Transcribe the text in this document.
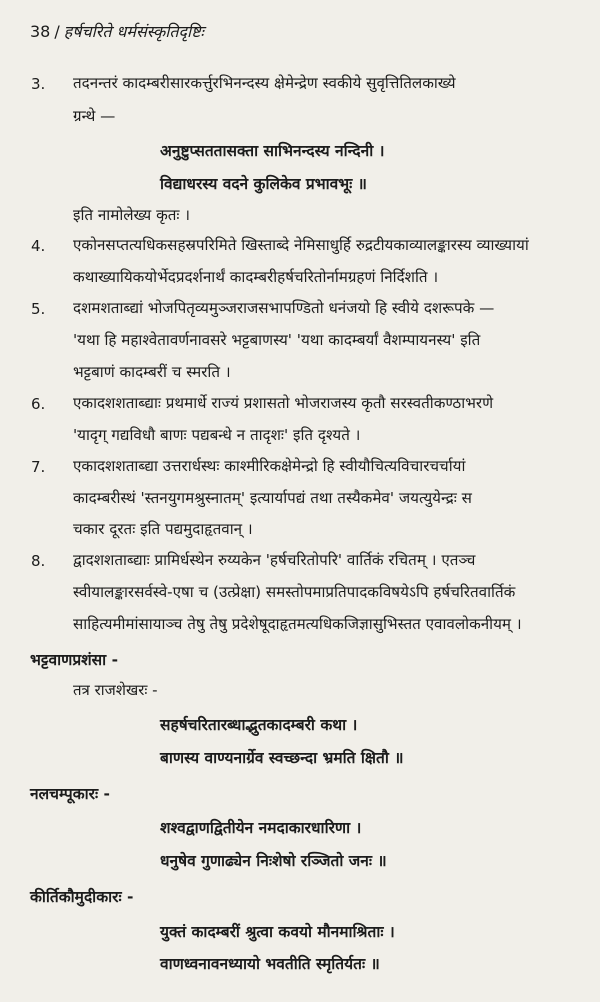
38 / हर्षचरिते धर्मसंस्कृतिदृष्टिः
3. तदनन्तरं कादम्बरीसारकर्त्तुरभिनन्दस्य क्षेमेन्द्रेण स्वकीये सुवृत्तितिलकाख्ये
ग्रन्थे —
अनुष्टुप्सततासक्ता साभिनन्दस्य नन्दिनी ।
विद्याधरस्य वदने कुलिकेव प्रभावभूः ॥
इति नामोलेख्य कृतः ।
4. एकोनसप्तत्यधिकसहस्रपरिमिते खिस्ताब्दे नेमिसाधुर्हि रुद्रटीयकाव्यालङ्कारस्य व्याख्यायां
कथाख्यायिकयोर्भेदप्रदर्शनार्थं कादम्बरीहर्षचरितोर्नामग्रहणं निर्दिशति ।
5. दशमशताब्द्यां भोजपितृव्यमुञ्जराजसभापण्डितो धनंजयो हि स्वीये दशरूपके —
'यथा हि महाश्वेतावर्णनावसरे भट्टबाणस्य' 'यथा कादम्बर्यां वैशम्पायनस्य' इति
भट्टबाणं कादम्बरीं च स्मरति ।
6. एकादशशताब्द्याः प्रथमार्धे राज्यं प्रशासतो भोजराजस्य कृतौ सरस्वतीकण्ठाभरणे
'यादृग् गद्यविधौ बाणः पद्यबन्धे न तादृशः' इति दृश्यते ।
7. एकादशशताब्द्या उत्तरार्धस्थः काश्मीरिकक्षेमेन्द्रो हि स्वीयौचित्यविचारचर्चायां
कादम्बरीस्थं 'स्तनयुगमश्रुस्नातम्' इत्यार्यापद्यं तथा तस्यैकमेव' जयत्युयेन्द्रः स
चकार दूरतः इति पद्यमुदाहृतवान् ।
8. द्वादशशताब्द्याः प्रामिर्धस्थेन रुय्यकेन 'हर्षचरितोपरि' वार्तिकं रचितम् । एतञ्च
स्वीयालङ्कारसर्वस्वे-एषा च (उत्प्रेक्षा) समस्तोपमाप्रतिपादकविषयेऽपि हर्षचरितवार्तिकं
साहित्यमीमांसायाञ्च तेषु तेषु प्रदेशेषूदाहृतमत्यधिकजिज्ञासुभिस्तत एवावलोकनीयम् ।
भट्टवाणप्रशंसा -
तत्र राजशेखरः -
सहर्षचरितारब्धाद्भुतकादम्बरी कथा ।
बाणस्य वाण्यनार्ग्रेव स्वच्छन्दा भ्रमति क्षितौ ॥
नलचम्पूकारः -
शश्वद्वाणद्वितीयेन नमदाकारधारिणा ।
धनुषेव गुणाढ्येन निःशेषो रञ्जितो जनः ॥
कीर्तिकौमुदीकारः -
युक्तं कादम्बरीं श्रुत्वा कवयो मौनमाश्रिताः ।
वाणध्वनावनध्यायो भवतीति स्मृतिर्यतः ॥
